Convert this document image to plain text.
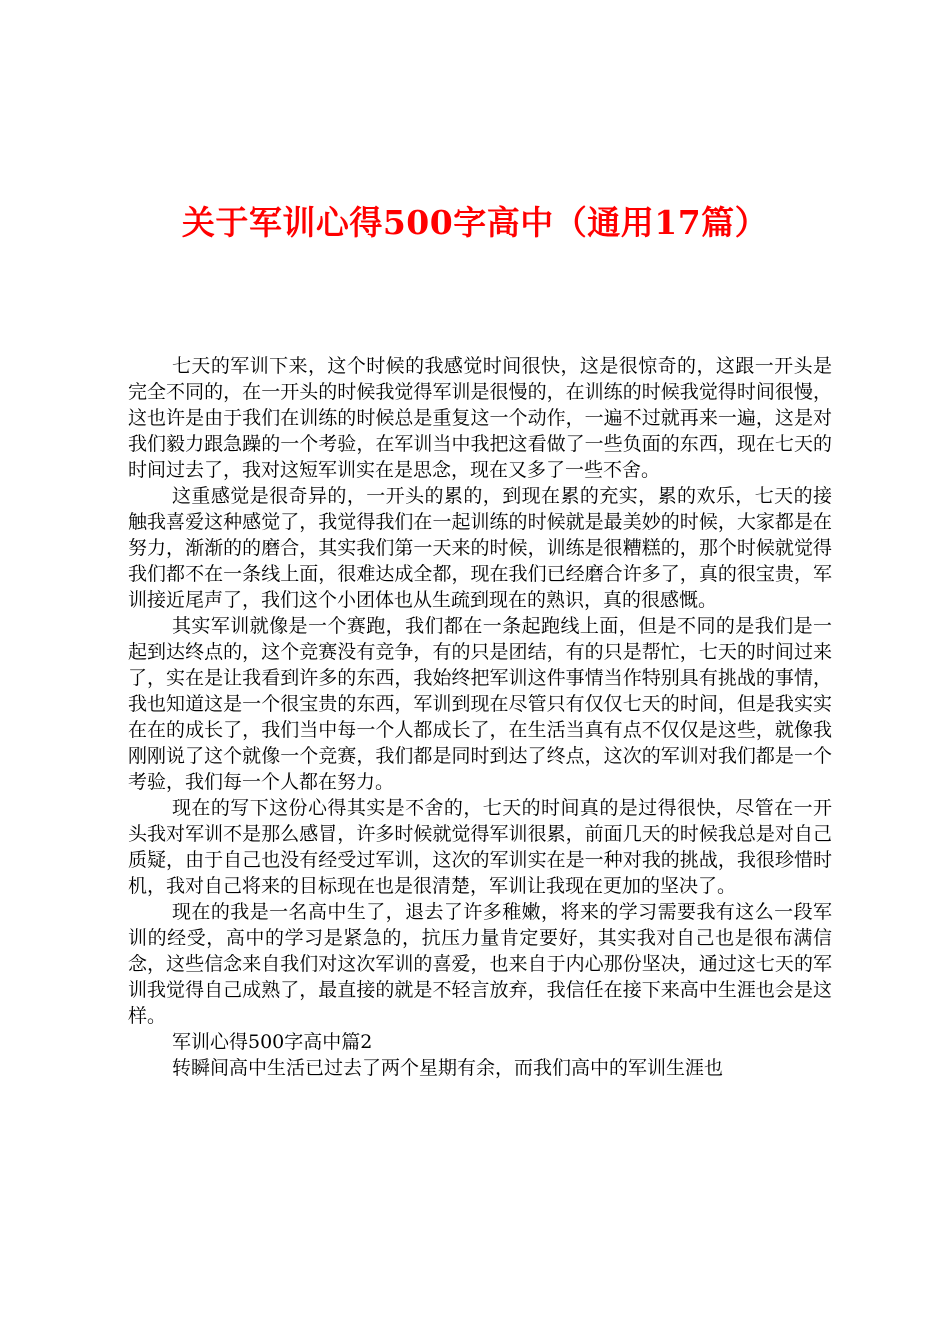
关于军训心得500字高中（通用17篇）

七天的军训下来，这个时候的我感觉时间很快，这是很惊奇的，这跟一开头是完全不同的，在一开头的时候我觉得军训是很慢的，在训练的时候我觉得时间很慢，这也许是由于我们在训练的时候总是重复这一个动作，一遍不过就再来一遍，这是对我们毅力跟急躁的一个考验，在军训当中我把这看做了一些负面的东西，现在七天的时间过去了，我对这短军训实在是思念，现在又多了一些不舍。

这重感觉是很奇异的，一开头的累的，到现在累的充实，累的欢乐，七天的接触我喜爱这种感觉了，我觉得我们在一起训练的时候就是最美妙的时候，大家都是在努力，渐渐的的磨合，其实我们第一天来的时候，训练是很糟糕的，那个时候就觉得我们都不在一条线上面，很难达成全都，现在我们已经磨合许多了，真的很宝贵，军训接近尾声了，我们这个小团体也从生疏到现在的熟识，真的很感慨。

其实军训就像是一个赛跑，我们都在一条起跑线上面，但是不同的是我们是一起到达终点的，这个竞赛没有竞争，有的只是团结，有的只是帮忙，七天的时间过来了，实在是让我看到许多的东西，我始终把军训这件事情当作特别具有挑战的事情，我也知道这是一个很宝贵的东西，军训到现在尽管只有仅仅七天的时间，但是我实实在在的成长了，我们当中每一个人都成长了，在生活当真有点不仅仅是这些，就像我刚刚说了这个就像一个竞赛，我们都是同时到达了终点，这次的军训对我们都是一个考验，我们每一个人都在努力。

现在的写下这份心得其实是不舍的，七天的时间真的是过得很快，尽管在一开头我对军训不是那么感冒，许多时候就觉得军训很累，前面几天的时候我总是对自己质疑，由于自己也没有经受过军训，这次的军训实在是一种对我的挑战，我很珍惜时机，我对自己将来的目标现在也是很清楚，军训让我现在更加的坚决了。

现在的我是一名高中生了，退去了许多稚嫩，将来的学习需要我有这么一段军训的经受，高中的学习是紧急的，抗压力量肯定要好，其实我对自己也是很布满信念，这些信念来自我们对这次军训的喜爱，也来自于内心那份坚决，通过这七天的军训我觉得自己成熟了，最直接的就是不轻言放弃，我信任在接下来高中生涯也会是这样。

军训心得500字高中篇2

转瞬间高中生活已过去了两个星期有余，而我们高中的军训生涯也
